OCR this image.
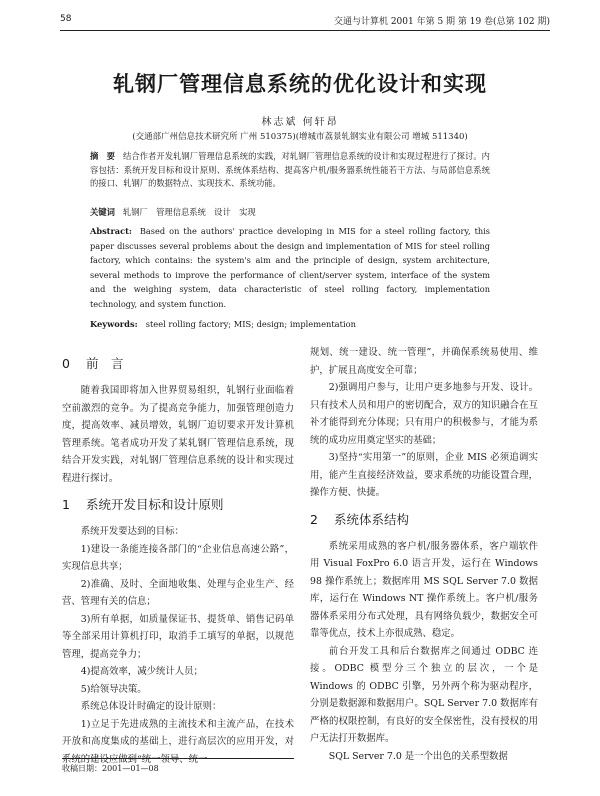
58	交通与计算机 2001 年第 5 期 第 19 卷(总第 102 期)
轧钢厂管理信息系统的优化设计和实现
林志斌 何轩昂
(交通部广州信息技术研究所 广州 510375)(增城市荔景轧钢实业有限公司 增城 511340)
摘　要 结合作者开发轧钢厂管理信息系统的实践，对轧钢厂管理信息系统的设计和实现过程进行了探讨。内容包括：系统开发目标和设计原则、系统体系结构、提高客户机/服务器系统性能若干方法、与局部信息系统的接口、轧钢厂的数据特点、实现技术、系统功能。
关键词 轧钢厂　管理信息系统　设计　实现
Abstract: Based on the authors' practice developing in MIS for a steel rolling factory, this paper discusses several problems about the design and implementation of MIS for steel rolling factory, which contains: the system's aim and the principle of design, system architecture, several methods to improve the performance of client/server system, interface of the system and the weighing system, data characteristic of steel rolling factory, implementation technology, and system function.
Keywords: steel rolling factory; MIS; design; implementation
0 前　言

随着我国即将加入世界贸易组织，轧钢行业面临着空前激烈的竞争。为了提高竞争能力，加强管理创造力度，提高效率、减员增效，轧钢厂迫切要求开发计算机管理系统。笔者成功开发了某轧钢厂管理信息系统，现结合开发实践，对轧钢厂管理信息系统的设计和实现过程进行探讨。

1 系统开发目标和设计原则

系统开发要达到的目标：

1)建设一条能连接各部门的“企业信息高速公路”，实现信息共享；

2)准确、及时、全面地收集、处理与企业生产、经营、管理有关的信息；

3)所有单据，如质量保证书、提货单、销售记码单等全部采用计算机打印，取消手工填写的单据，以规范管理，提高竞争力；

4)提高效率，减少统计人员；

5)给领导决策。

系统总体设计时确定的设计原则：

1)立足于先进成熟的主流技术和主流产品，在技术开放和高度集成的基础上，进行高层次的应用开发，对系统的建设应做到“统一领导、统一

规划、统一建设、统一管理”，并确保系统易使用、维护，扩展且高度安全可靠；

2)强调用户参与，让用户更多地参与开发、设计。只有技术人员和用户的密切配合，双方的知识融合在互补才能得到充分体现；只有用户的积极参与，才能为系统的成功应用奠定坚实的基础；

3)坚持“实用第一”的原则，企业 MIS 必须追调实用，能产生直接经济效益，要求系统的功能设置合理，操作方便、快捷。

2 系统体系结构

系统采用成熟的客户机/服务器体系，客户端软件用 Visual FoxPro 6.0 语言开发，运行在 Windows 98 操作系统上；数据库用 MS SQL Server 7.0 数据库，运行在 Windows NT 操作系统上。客户机/服务器体系采用分布式处理，具有网络负载少，数据安全可靠等优点，技术上亦很成熟、稳定。

前台开发工具和后台数据库之间通过 ODBC 连接。ODBC 模型分三个独立的层次，一个是 Windows 的 ODBC 引擎，另外两个称为驱动程序，分别是数据源和数据用户。SQL Server 7.0 数据库有严格的权限控制，有良好的安全保密性，没有授权的用户无法打开数据库。

SQL Server 7.0 是一个出色的关系型数据

收稿日期：2001—01—08
